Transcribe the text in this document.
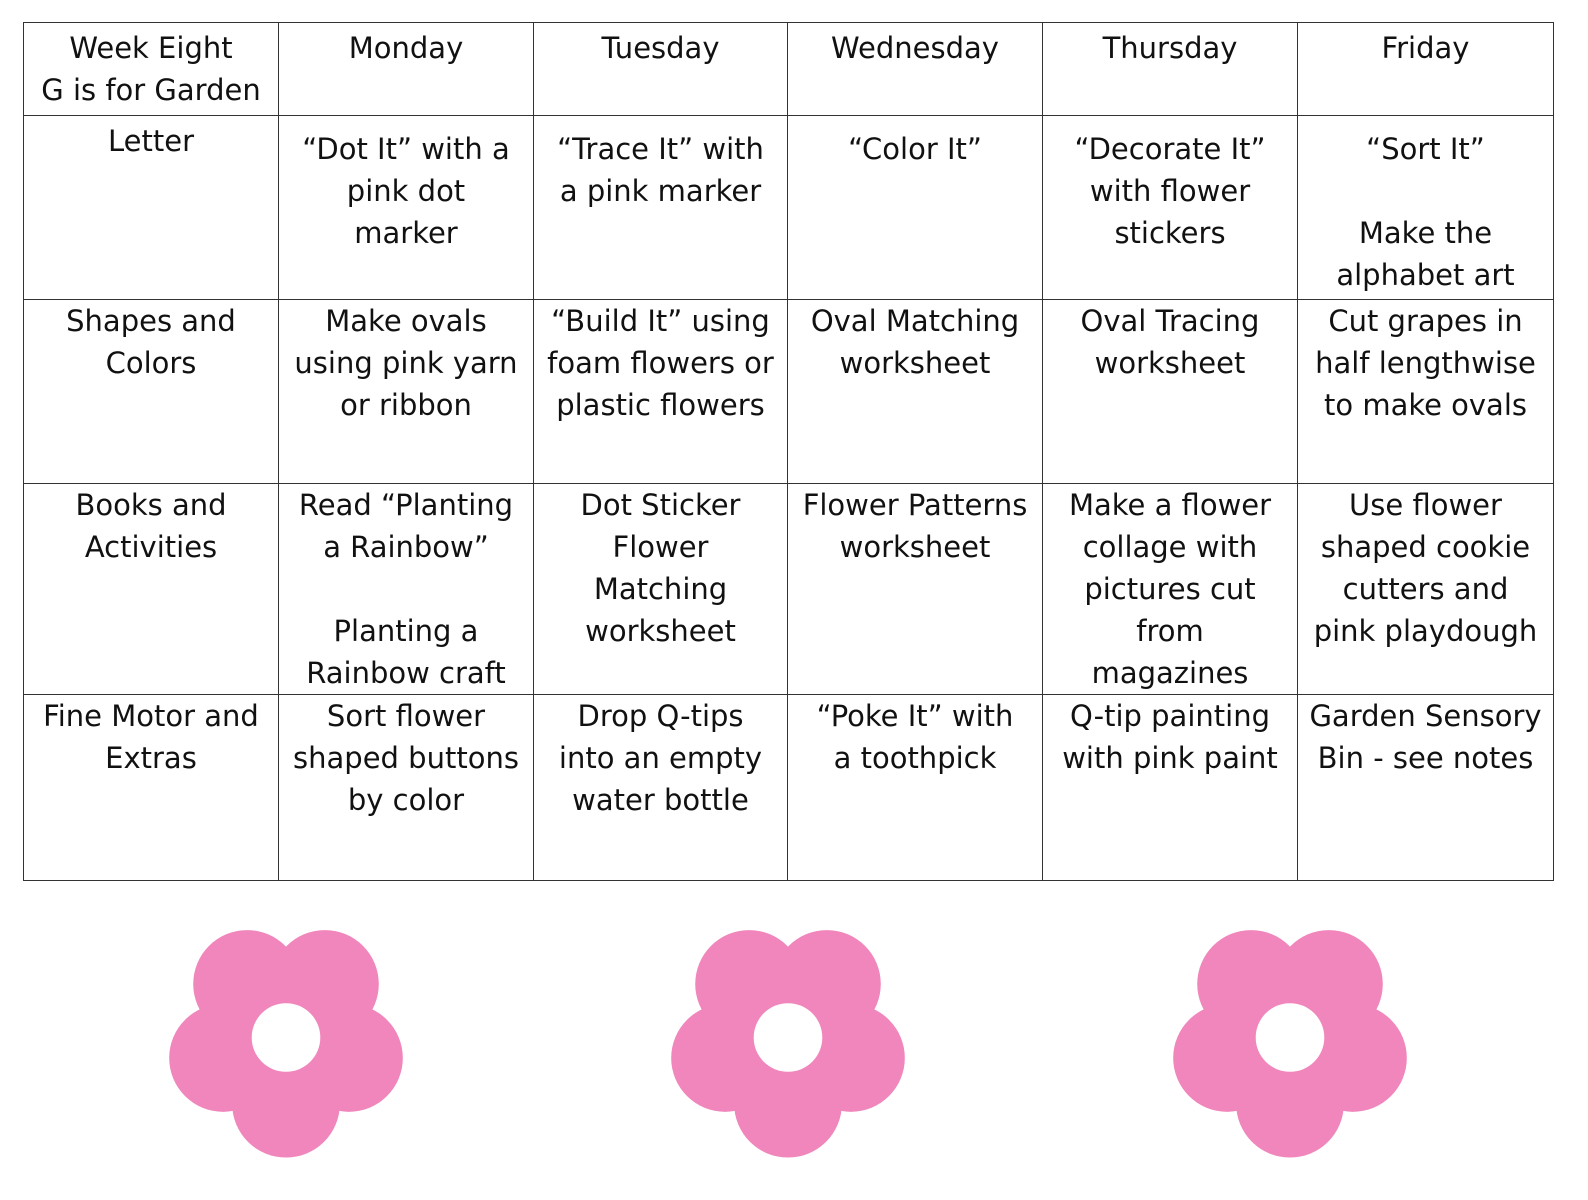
Week Eight
G is for Garden	Monday	Tuesday	Wednesday	Thursday	Friday
Letter	“Dot It” with a
pink dot
marker	“Trace It” with
a pink marker	“Color It”	“Decorate It”
with flower
stickers	“Sort It”

Make the
alphabet art
Shapes and
Colors	Make ovals
using pink yarn
or ribbon	“Build It” using
foam flowers or
plastic flowers	Oval Matching
worksheet	Oval Tracing
worksheet	Cut grapes in
half lengthwise
to make ovals
Books and
Activities	Read “Planting
a Rainbow”

Planting a
Rainbow craft	Dot Sticker
Flower
Matching
worksheet	Flower Patterns
worksheet	Make a flower
collage with
pictures cut
from
magazines	Use flower
shaped cookie
cutters and
pink playdough
Fine Motor and
Extras	Sort flower
shaped buttons
by color	Drop Q-tips
into an empty
water bottle	“Poke It” with
a toothpick	Q-tip painting
with pink paint	Garden Sensory
Bin - see notes
